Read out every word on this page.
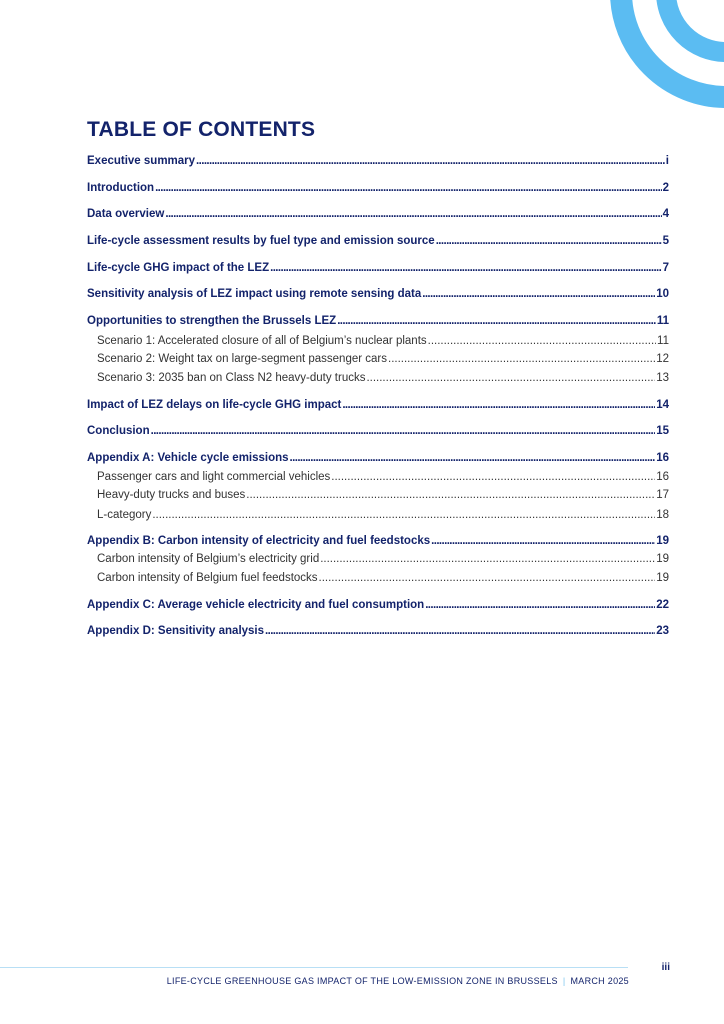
TABLE OF CONTENTS
Executive summary . . .	i
Introduction . . .	2
Data overview . . .	4
Life-cycle assessment results by fuel type and emission source . . .	5
Life-cycle GHG impact of the LEZ . . .	7
Sensitivity analysis of LEZ impact using remote sensing data . . .	10
Opportunities to strengthen the Brussels LEZ . . .	11
Scenario 1: Accelerated closure of all of Belgium’s nuclear plants . . .	11
Scenario 2: Weight tax on large-segment passenger cars . . .	12
Scenario 3: 2035 ban on Class N2 heavy-duty trucks . . .	13
Impact of LEZ delays on life-cycle GHG impact . . .	14
Conclusion . . .	15
Appendix A: Vehicle cycle emissions . . .	16
Passenger cars and light commercial vehicles . . .	16
Heavy-duty trucks and buses . . .	17
L-category . . .	18
Appendix B: Carbon intensity of electricity and fuel feedstocks . . .	19
Carbon intensity of Belgium’s electricity grid . . .	19
Carbon intensity of Belgium fuel feedstocks . . .	19
Appendix C: Average vehicle electricity and fuel consumption . . .	22
Appendix D: Sensitivity analysis . . .	23
iii
LIFE-CYCLE GREENHOUSE GAS IMPACT OF THE LOW-EMISSION ZONE IN BRUSSELS | MARCH 2025
